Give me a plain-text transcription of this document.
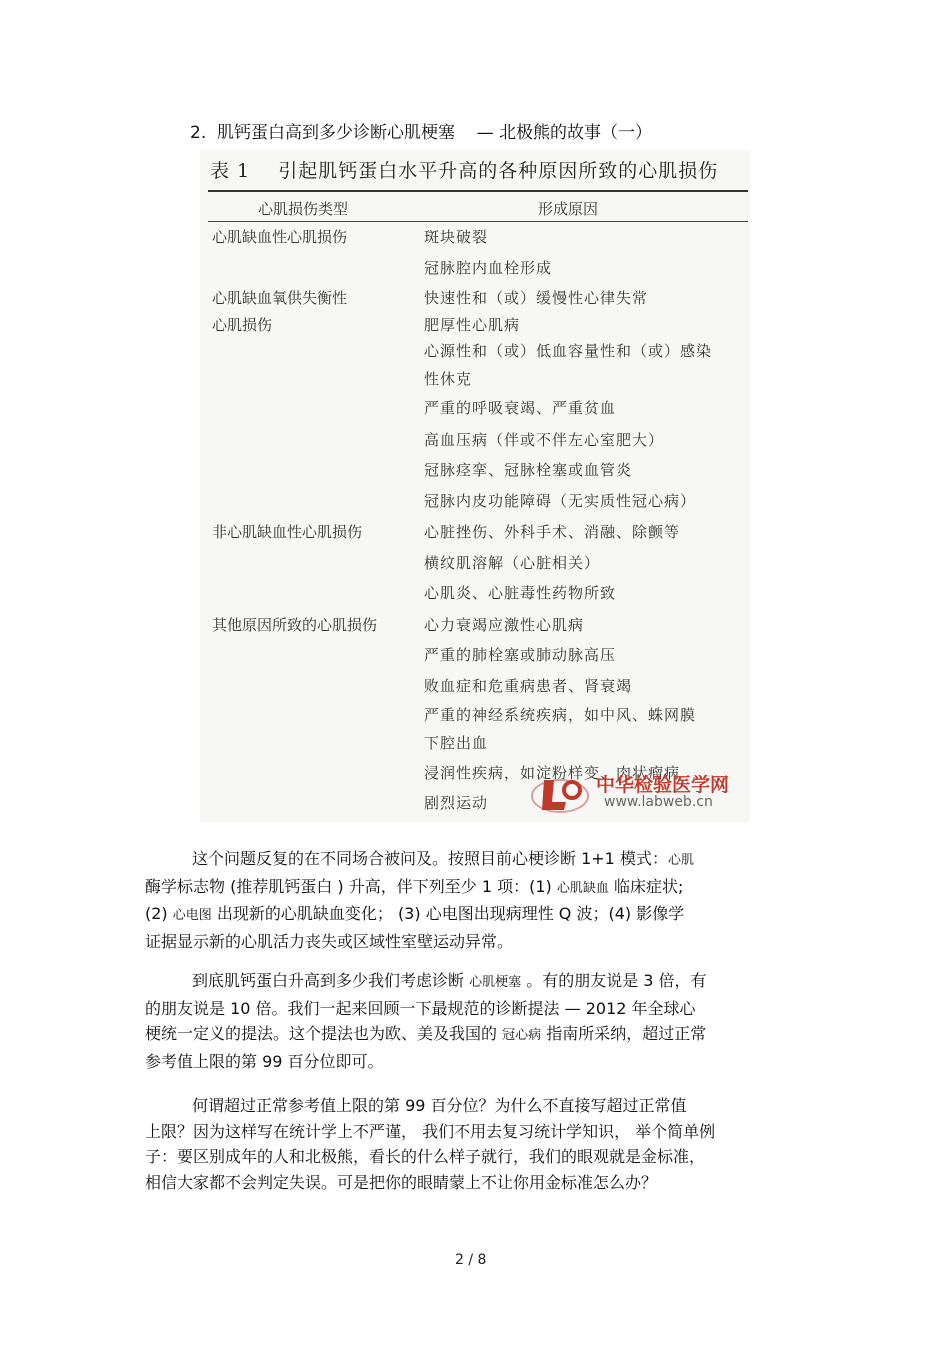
2.  肌钙蛋白高到多少诊断心肌梗塞    — 北极熊的故事（一）
表 1    引起肌钙蛋白水平升高的各种原因所致的心肌损伤
心肌损伤类型	形成原因
心肌缺血性心肌损伤	斑块破裂
冠脉腔内血栓形成
心肌缺血氧供失衡性	快速性和（或）缓慢性心律失常
心肌损伤	肥厚性心肌病
心源性和（或）低血容量性和（或）感染
性休克
严重的呼吸衰竭、严重贫血
高血压病（伴或不伴左心室肥大）
冠脉痉挛、冠脉栓塞或血管炎
冠脉内皮功能障碍（无实质性冠心病）
非心肌缺血性心肌损伤	心脏挫伤、外科手术、消融、除颤等
横纹肌溶解（心脏相关）
心肌炎、心脏毒性药物所致
其他原因所致的心肌损伤	心力衰竭应激性心肌病
严重的肺栓塞或肺动脉高压
败血症和危重病患者、肾衰竭
严重的神经系统疾病，如中风、蛛网膜
下腔出血
浸润性疾病，如淀粉样变、肉状瘤病
剧烈运动
中华检验医学网
www.labweb.cn
这个问题反复的在不同场合被问及。按照目前心梗诊断 1+1 模式：心肌
酶学标志物 (推荐肌钙蛋白 ) 升高，伴下列至少 1 项：(1) 心肌缺血 临床症状;
(2) 心电图 出现新的心肌缺血变化； (3) 心电图出现病理性 Q 波；(4) 影像学
证据显示新的心肌活力丧失或区域性室壁运动异常。
到底肌钙蛋白升高到多少我们考虑诊断 心肌梗塞 。有的朋友说是 3 倍，有
的朋友说是 10 倍。我们一起来回顾一下最规范的诊断提法 — 2012 年全球心
梗统一定义的提法。这个提法也为欧、美及我国的 冠心病 指南所采纳，超过正常
参考值上限的第 99 百分位即可。
何谓超过正常参考值上限的第 99 百分位？为什么不直接写超过正常值
上限？因为这样写在统计学上不严谨， 我们不用去复习统计学知识， 举个简单例
子：要区别成年的人和北极熊，看长的什么样子就行，我们的眼观就是金标准，
相信大家都不会判定失误。可是把你的眼睛蒙上不让你用金标准怎么办？
2 / 8
